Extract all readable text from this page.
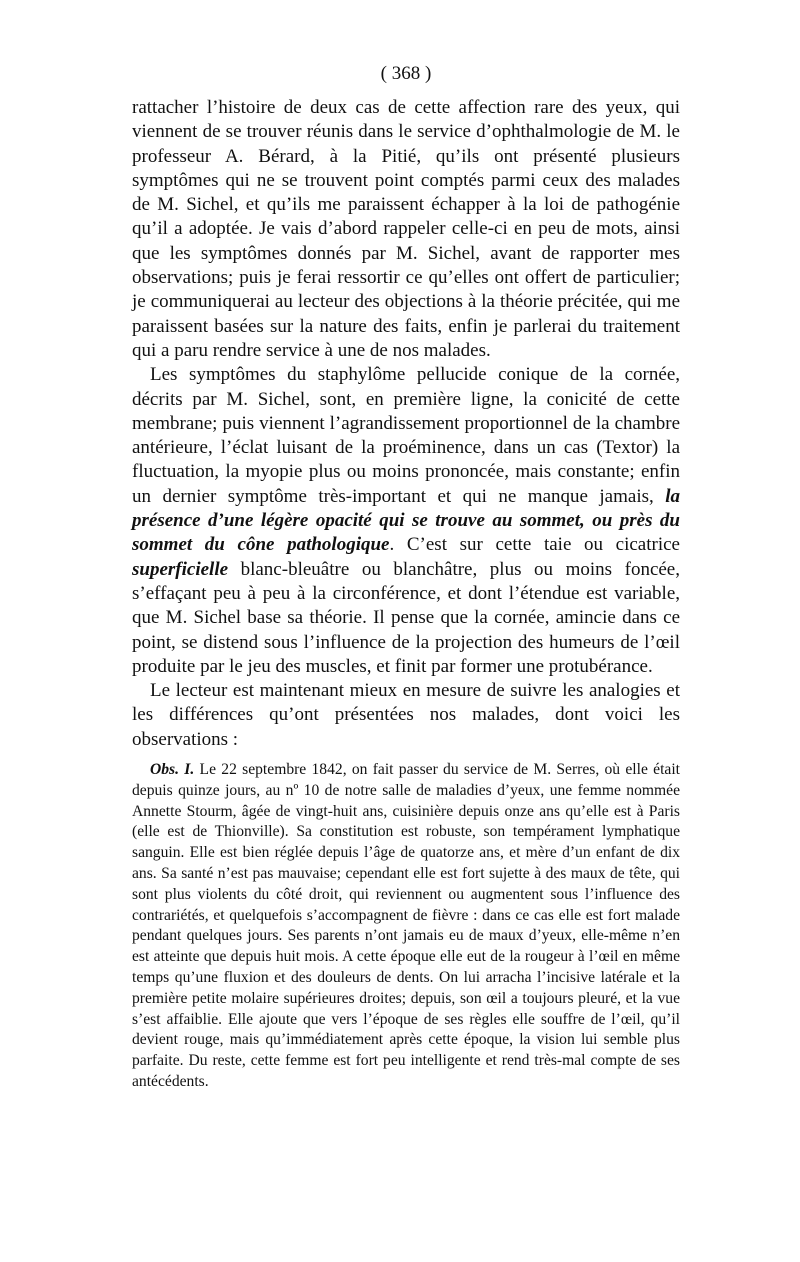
( 368 )

rattacher l’histoire de deux cas de cette affection rare des yeux, qui viennent de se trouver réunis dans le service d’ophthalmologie de M. le professeur A. Bérard, à la Pitié, qu’ils ont présenté plusieurs symptômes qui ne se trouvent point comptés parmi ceux des malades de M. Sichel, et qu’ils me paraissent échapper à la loi de pathogénie qu’il a adoptée. Je vais d’abord rappeler celle-ci en peu de mots, ainsi que les symptômes donnés par M. Sichel, avant de rapporter mes observations; puis je ferai ressortir ce qu’elles ont offert de particulier; je communiquerai au lecteur des objections à la théorie précitée, qui me paraissent basées sur la nature des faits, enfin je parlerai du traitement qui a paru rendre service à une de nos malades.

Les symptômes du staphylôme pellucide conique de la cornée, décrits par M. Sichel, sont, en première ligne, la conicité de cette membrane; puis viennent l’agrandissement proportionnel de la chambre antérieure, l’éclat luisant de la proéminence, dans un cas (Textor) la fluctuation, la myopie plus ou moins prononcée, mais constante; enfin un dernier symptôme très-important et qui ne manque jamais, la présence d’une légère opacité qui se trouve au sommet, ou près du sommet du cône pathologique. C’est sur cette taie ou cicatrice superficielle blanc-bleuâtre ou blanchâtre, plus ou moins foncée, s’effaçant peu à peu à la circonférence, et dont l’étendue est variable, que M. Sichel base sa théorie. Il pense que la cornée, amincie dans ce point, se distend sous l’influence de la projection des humeurs de l’œil produite par le jeu des muscles, et finit par former une protubérance.

Le lecteur est maintenant mieux en mesure de suivre les analogies et les différences qu’ont présentées nos malades, dont voici les observations :

Obs. I. Le 22 septembre 1842, on fait passer du service de M. Serres, où elle était depuis quinze jours, au nº 10 de notre salle de maladies d’yeux, une femme nommée Annette Stourm, âgée de vingt-huit ans, cuisinière depuis onze ans qu’elle est à Paris (elle est de Thionville). Sa constitution est robuste, son tempérament lymphatique sanguin. Elle est bien réglée depuis l’âge de quatorze ans, et mère d’un enfant de dix ans. Sa santé n’est pas mauvaise; cependant elle est fort sujette à des maux de tête, qui sont plus violents du côté droit, qui reviennent ou augmentent sous l’influence des contrariétés, et quelquefois s’accompagnent de fièvre : dans ce cas elle est fort malade pendant quelques jours. Ses parents n’ont jamais eu de maux d’yeux, elle-même n’en est atteinte que depuis huit mois. A cette époque elle eut de la rougeur à l’œil en même temps qu’une fluxion et des douleurs de dents. On lui arracha l’incisive latérale et la première petite molaire supérieures droites; depuis, son œil a toujours pleuré, et la vue s’est affaiblie. Elle ajoute que vers l’époque de ses règles elle souffre de l’œil, qu’il devient rouge, mais qu’immédiatement après cette époque, la vision lui semble plus parfaite. Du reste, cette femme est fort peu intelligente et rend très-mal compte de ses antécédents.
